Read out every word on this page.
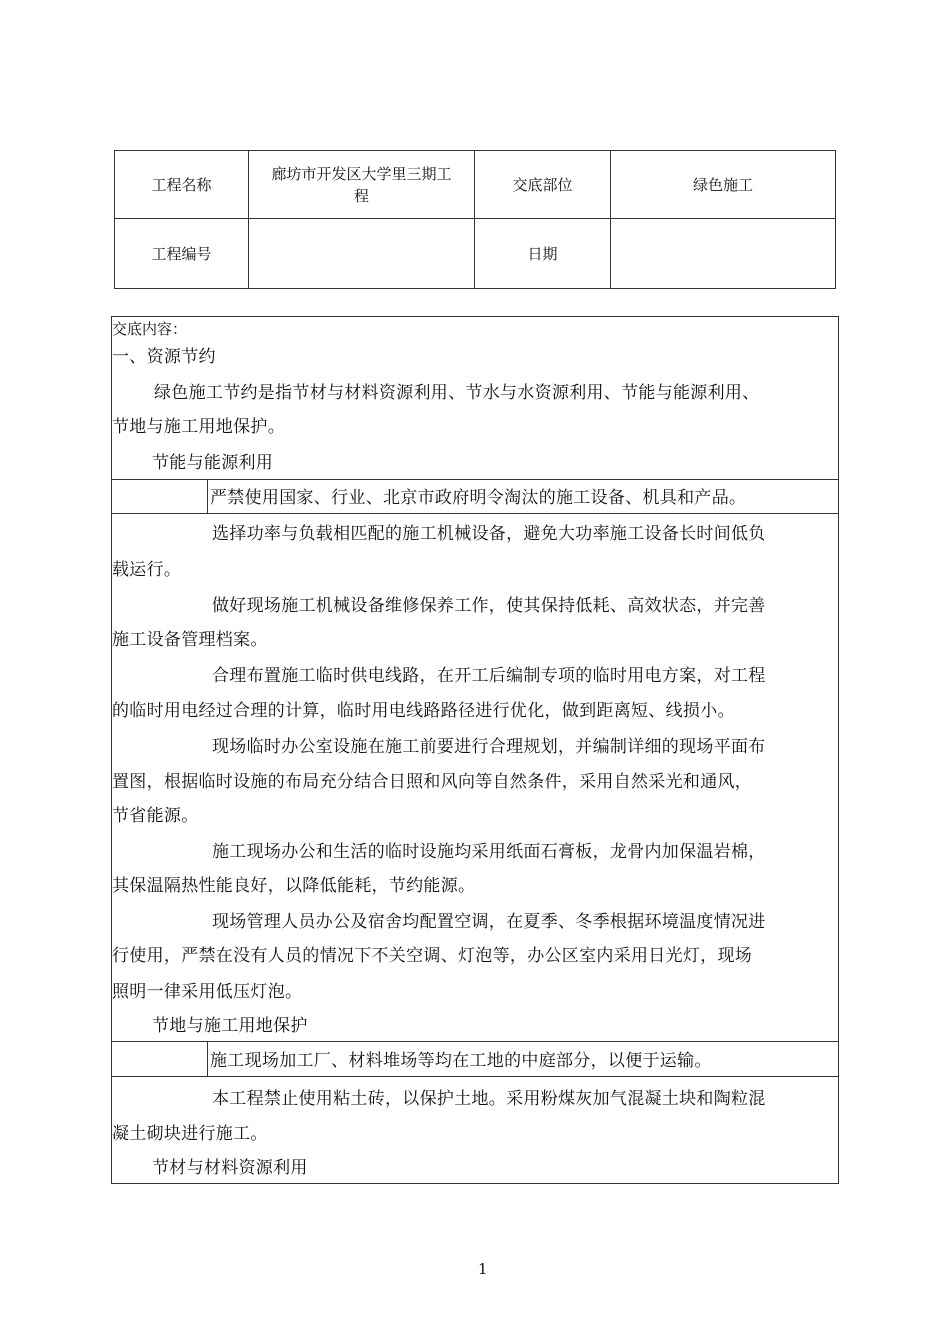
工程名称
廊坊市开发区大学里三期工
程
交底部位	绿色施工
工程编号	日期
交底内容：
一、资源节约
绿色施工节约是指节材与材料资源利用、节水与水资源利用、节能与能源利用、
节地与施工用地保护。
节能与能源利用
严禁使用国家、行业、北京市政府明令淘汰的施工设备、机具和产品。
选择功率与负载相匹配的施工机械设备，避免大功率施工设备长时间低负
载运行。
做好现场施工机械设备维修保养工作，使其保持低耗、高效状态，并完善
施工设备管理档案。
合理布置施工临时供电线路，在开工后编制专项的临时用电方案，对工程
的临时用电经过合理的计算，临时用电线路路径进行优化，做到距离短、线损小。
现场临时办公室设施在施工前要进行合理规划，并编制详细的现场平面布
置图，根据临时设施的布局充分结合日照和风向等自然条件，采用自然采光和通风，
节省能源。
施工现场办公和生活的临时设施均采用纸面石膏板，龙骨内加保温岩棉，
其保温隔热性能良好，以降低能耗，节约能源。
现场管理人员办公及宿舍均配置空调，在夏季、冬季根据环境温度情况进
行使用，严禁在没有人员的情况下不关空调、灯泡等，办公区室内采用日光灯，现场
照明一律采用低压灯泡。
节地与施工用地保护
施工现场加工厂、材料堆场等均在工地的中庭部分，以便于运输。
本工程禁止使用粘土砖，以保护土地。采用粉煤灰加气混凝土块和陶粒混
凝土砌块进行施工。
节材与材料资源利用
1
